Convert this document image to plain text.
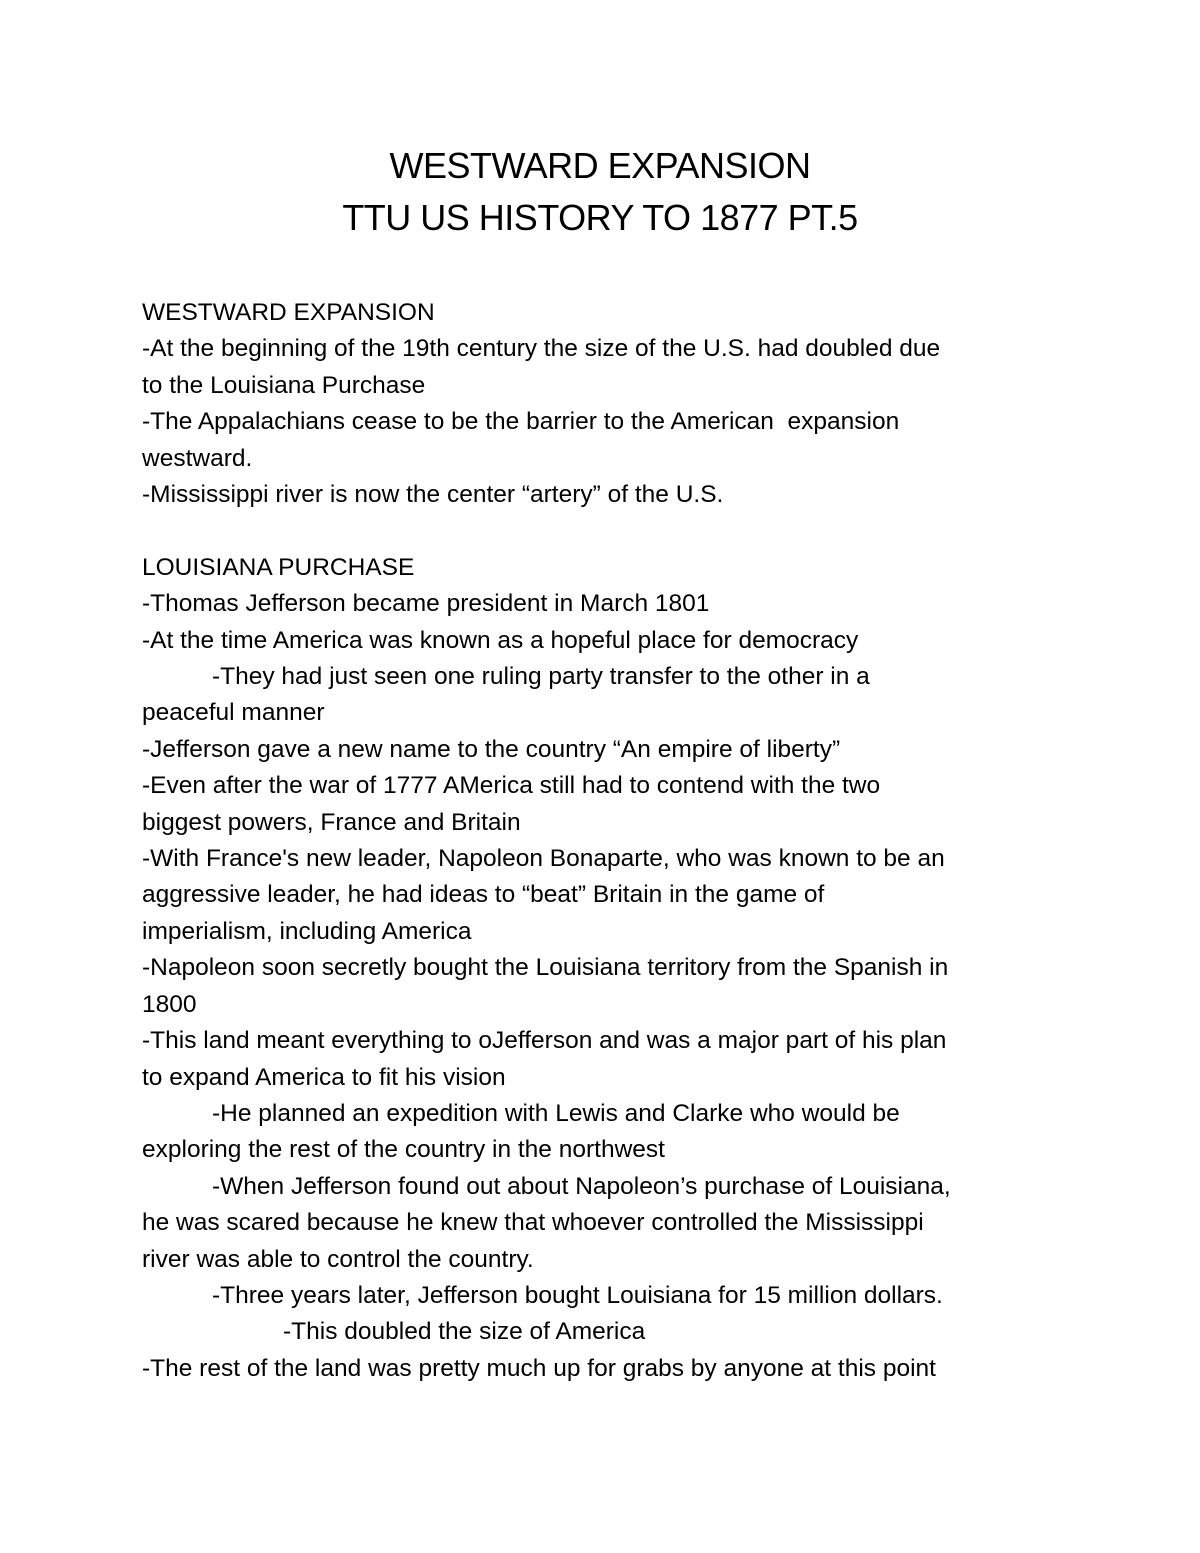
WESTWARD EXPANSION
TTU US HISTORY TO 1877 PT.5
WESTWARD EXPANSION
-At the beginning of the 19th century the size of the U.S. had doubled due
to the Louisiana Purchase
-The Appalachians cease to be the barrier to the American  expansion
westward.
-Mississippi river is now the center “artery” of the U.S.
LOUISIANA PURCHASE
-Thomas Jefferson became president in March 1801
-At the time America was known as a hopeful place for democracy
-They had just seen one ruling party transfer to the other in a
peaceful manner
-Jefferson gave a new name to the country “An empire of liberty”
-Even after the war of 1777 AMerica still had to contend with the two
biggest powers, France and Britain
-With France's new leader, Napoleon Bonaparte, who was known to be an
aggressive leader, he had ideas to “beat” Britain in the game of
imperialism, including America
-Napoleon soon secretly bought the Louisiana territory from the Spanish in
1800
-This land meant everything to oJefferson and was a major part of his plan
to expand America to fit his vision
-He planned an expedition with Lewis and Clarke who would be
exploring the rest of the country in the northwest
-When Jefferson found out about Napoleon’s purchase of Louisiana,
he was scared because he knew that whoever controlled the Mississippi
river was able to control the country.
-Three years later, Jefferson bought Louisiana for 15 million dollars.
-This doubled the size of America
-The rest of the land was pretty much up for grabs by anyone at this point
